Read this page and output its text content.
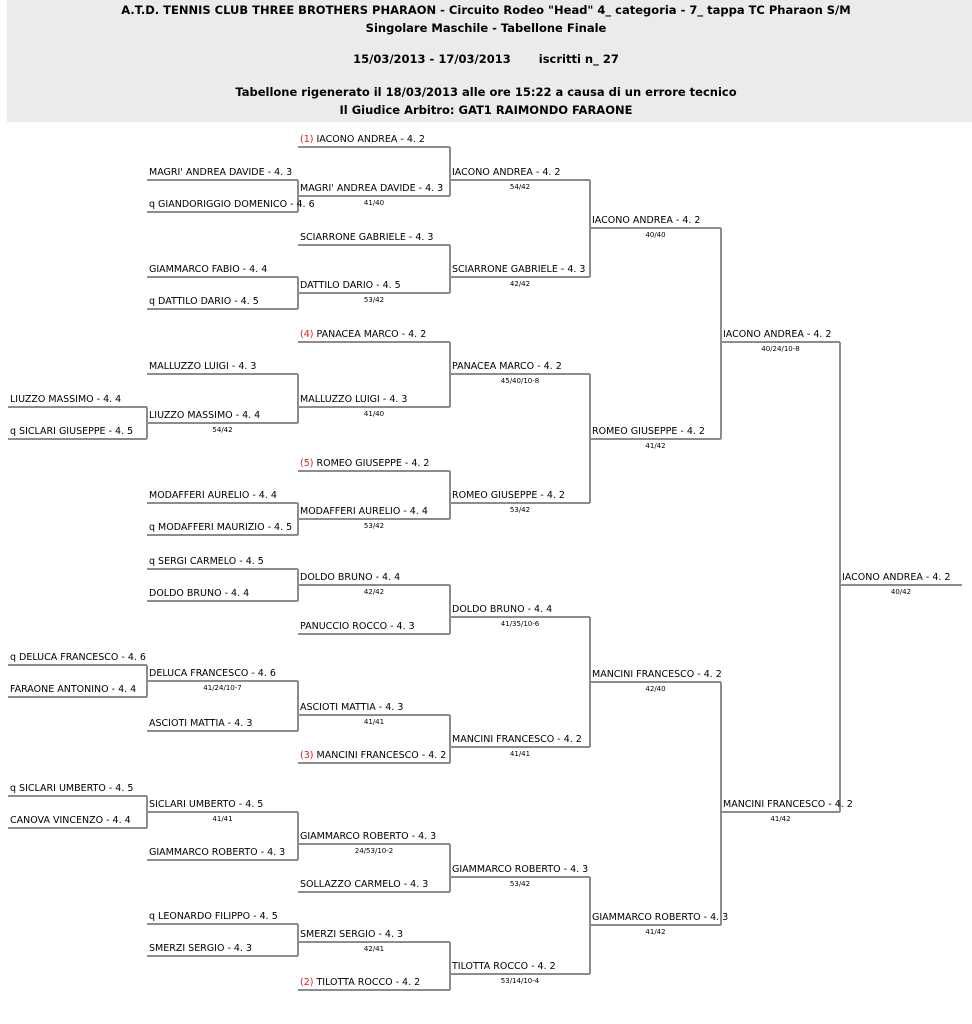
A.T.D. TENNIS CLUB THREE BROTHERS PHARAON - Circuito Rodeo "Head" 4_ categoria - 7_ tappa TC Pharaon S/M
Singolare Maschile - Tabellone Finale
15/03/2013 - 17/03/2013       iscritti n_ 27
Tabellone rigenerato il 18/03/2013 alle ore 15:22 a causa di un errore tecnico
Il Giudice Arbitro: GAT1 RAIMONDO FARAONE
LIUZZO MASSIMO - 4. 4
q SICLARI GIUSEPPE - 4. 5
q DELUCA FRANCESCO - 4. 6
FARAONE ANTONINO - 4. 4
q SICLARI UMBERTO - 4. 5
CANOVA VINCENZO - 4. 4
MAGRI' ANDREA DAVIDE - 4. 3
q GIANDORIGGIO DOMENICO - 4. 6
GIAMMARCO FABIO - 4. 4
q DATTILO DARIO - 4. 5
MALLUZZO LUIGI - 4. 3
LIUZZO MASSIMO - 4. 4
54/42
MODAFFERI AURELIO - 4. 4
q MODAFFERI MAURIZIO - 4. 5
q SERGI CARMELO - 4. 5
DOLDO BRUNO - 4. 4
DELUCA FRANCESCO - 4. 6
41/24/10-7
ASCIOTI MATTIA - 4. 3
SICLARI UMBERTO - 4. 5
41/41
GIAMMARCO ROBERTO - 4. 3
q LEONARDO FILIPPO - 4. 5
SMERZI SERGIO - 4. 3
(1) IACONO ANDREA - 4. 2
MAGRI' ANDREA DAVIDE - 4. 3
41/40
SCIARRONE GABRIELE - 4. 3
DATTILO DARIO - 4. 5
53/42
(4) PANACEA MARCO - 4. 2
MALLUZZO LUIGI - 4. 3
41/40
(5) ROMEO GIUSEPPE - 4. 2
MODAFFERI AURELIO - 4. 4
53/42
DOLDO BRUNO - 4. 4
42/42
PANUCCIO ROCCO - 4. 3
ASCIOTI MATTIA - 4. 3
41/41
(3) MANCINI FRANCESCO - 4. 2
GIAMMARCO ROBERTO - 4. 3
24/53/10-2
SOLLAZZO CARMELO - 4. 3
SMERZI SERGIO - 4. 3
42/41
(2) TILOTTA ROCCO - 4. 2
IACONO ANDREA - 4. 2
54/42
SCIARRONE GABRIELE - 4. 3
42/42
PANACEA MARCO - 4. 2
45/40/10-8
ROMEO GIUSEPPE - 4. 2
53/42
DOLDO BRUNO - 4. 4
41/35/10-6
MANCINI FRANCESCO - 4. 2
41/41
GIAMMARCO ROBERTO - 4. 3
53/42
TILOTTA ROCCO - 4. 2
53/14/10-4
IACONO ANDREA - 4. 2
40/40
ROMEO GIUSEPPE - 4. 2
41/42
MANCINI FRANCESCO - 4. 2
42/40
GIAMMARCO ROBERTO - 4. 3
41/42
IACONO ANDREA - 4. 2
40/24/10-8
MANCINI FRANCESCO - 4. 2
41/42
IACONO ANDREA - 4. 2
40/42
